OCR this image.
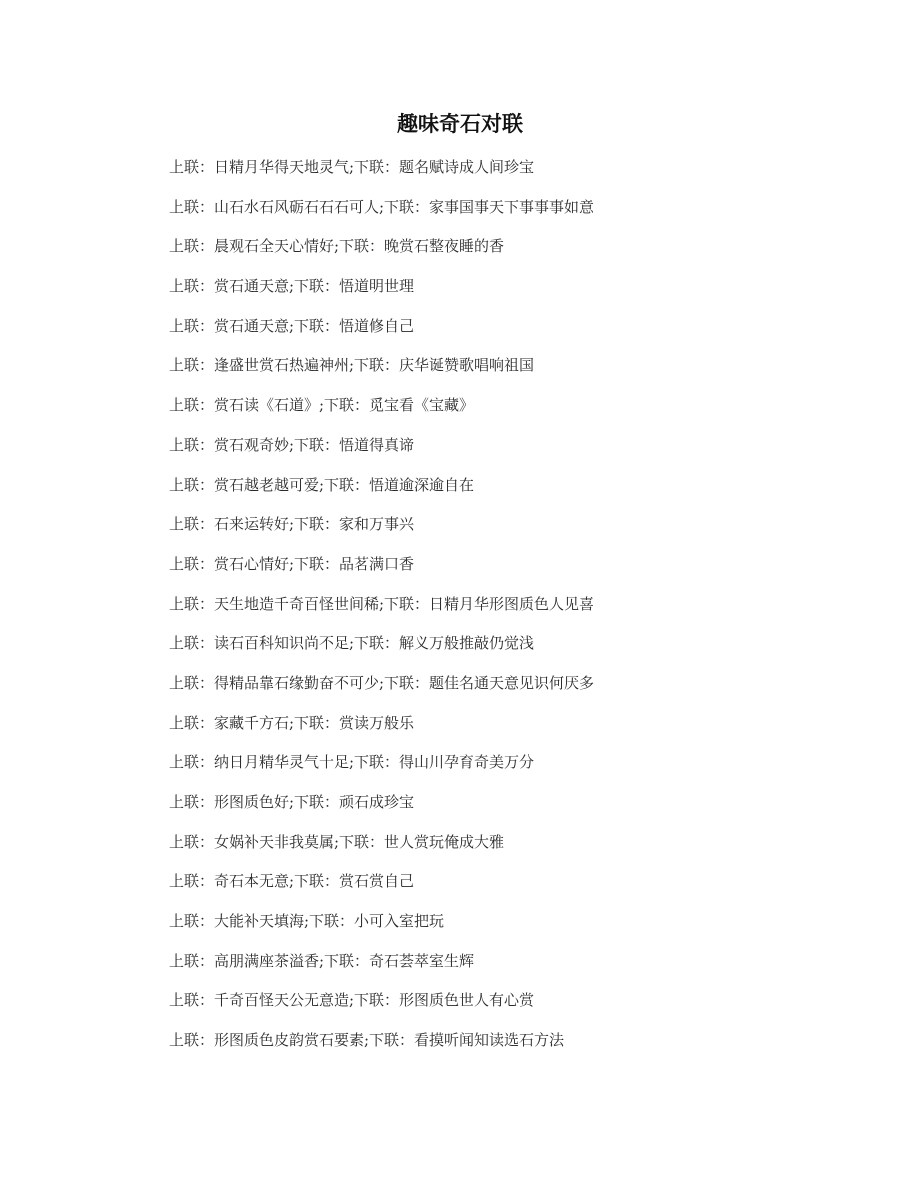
趣味奇石对联
上联：日精月华得天地灵气;下联：题名赋诗成人间珍宝
上联：山石水石风砺石石石可人;下联：家事国事天下事事事如意
上联：晨观石全天心情好;下联：晚赏石整夜睡的香
上联：赏石通天意;下联：悟道明世理
上联：赏石通天意;下联：悟道修自己
上联：逢盛世赏石热遍神州;下联：庆华诞赞歌唱响祖国
上联：赏石读《石道》;下联：觅宝看《宝藏》
上联：赏石观奇妙;下联：悟道得真谛
上联：赏石越老越可爱;下联：悟道逾深逾自在
上联：石来运转好;下联：家和万事兴
上联：赏石心情好;下联：品茗满口香
上联：天生地造千奇百怪世间稀;下联：日精月华形图质色人见喜
上联：读石百科知识尚不足;下联：解义万般推敲仍觉浅
上联：得精品靠石缘勤奋不可少;下联：题佳名通天意见识何厌多
上联：家藏千方石;下联：赏读万般乐
上联：纳日月精华灵气十足;下联：得山川孕育奇美万分
上联：形图质色好;下联：顽石成珍宝
上联：女娲补天非我莫属;下联：世人赏玩俺成大雅
上联：奇石本无意;下联：赏石赏自己
上联：大能补天填海;下联：小可入室把玩
上联：高朋满座茶溢香;下联：奇石荟萃室生辉
上联：千奇百怪天公无意造;下联：形图质色世人有心赏
上联：形图质色皮韵赏石要素;下联：看摸听闻知读选石方法
